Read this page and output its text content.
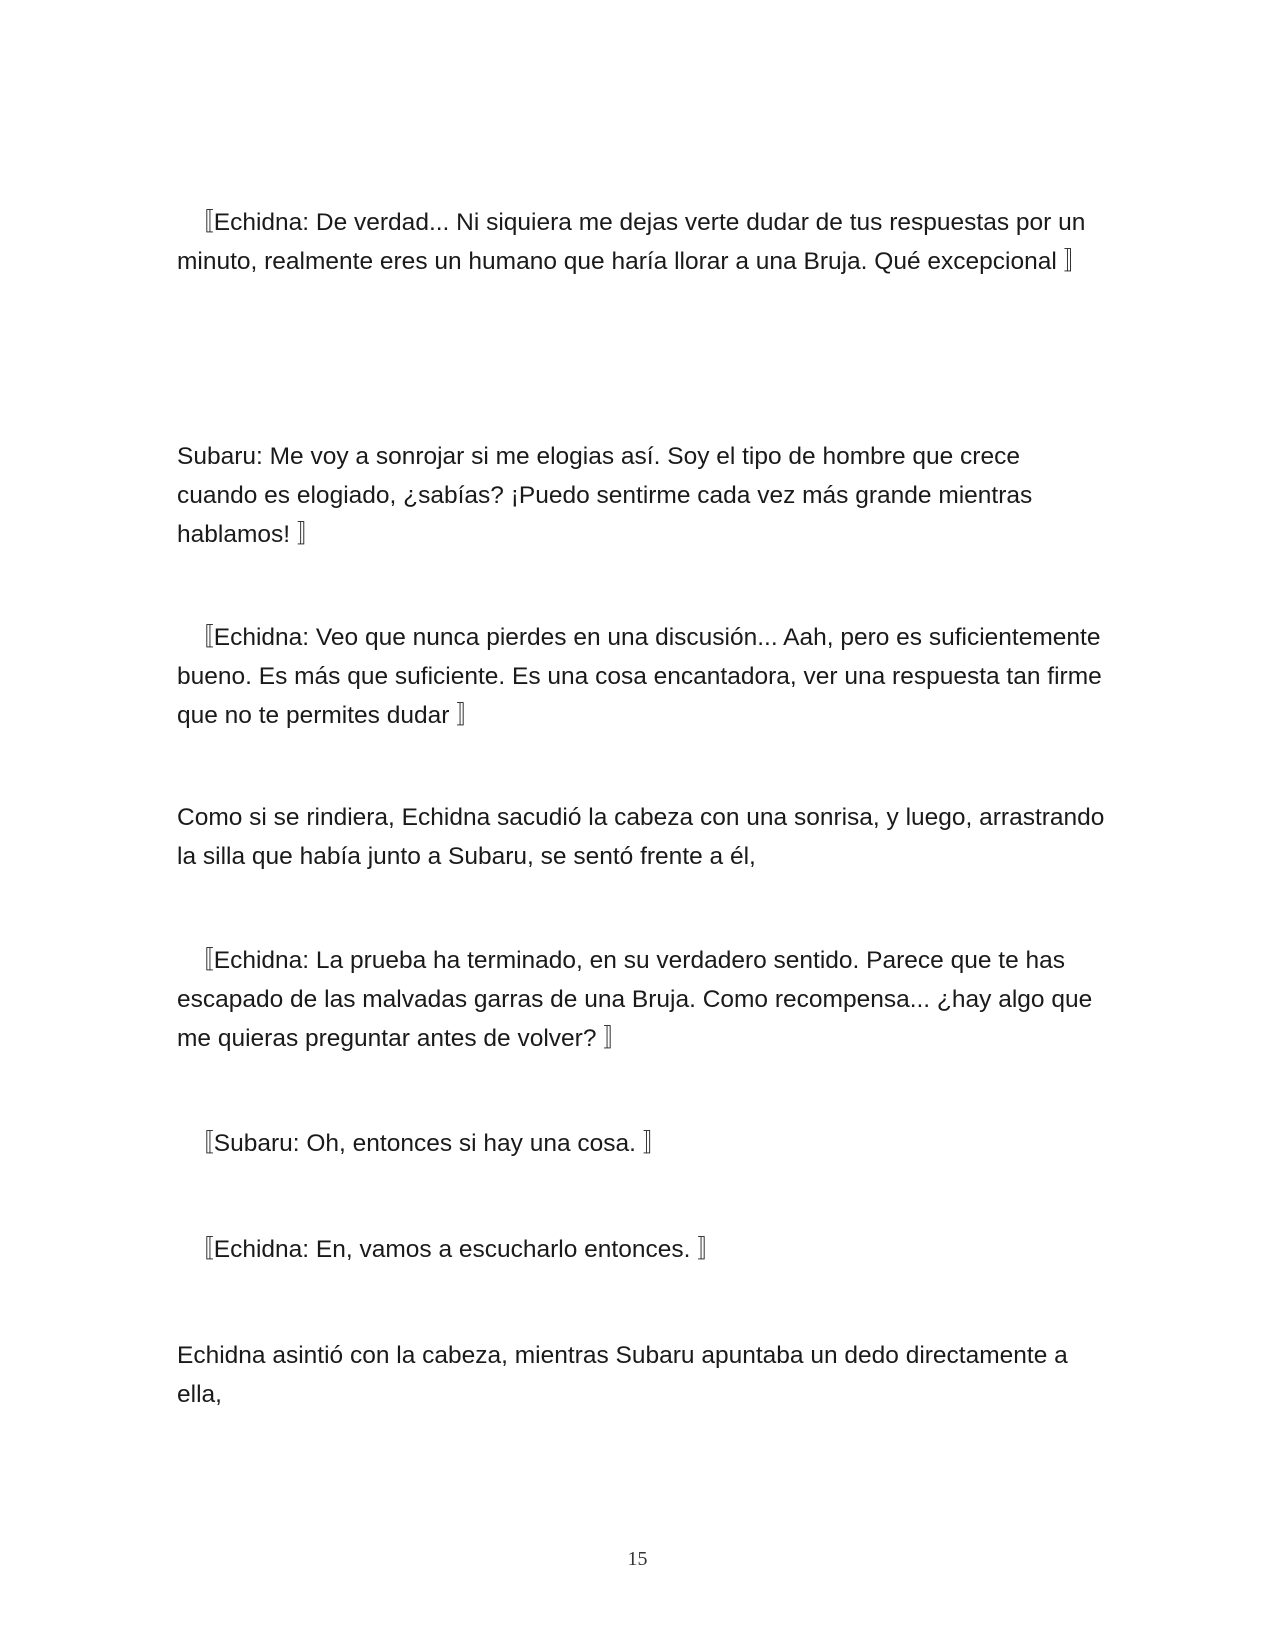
　〚Echidna: De verdad... Ni siquiera me dejas verte dudar de tus respuestas por un minuto, realmente eres un humano que haría llorar a una Bruja. Qué excepcional 〛

Subaru: Me voy a sonrojar si me elogias así. Soy el tipo de hombre que crece cuando es elogiado, ¿sabías? ¡Puedo sentirme cada vez más grande mientras hablamos! 〛

　〚Echidna: Veo que nunca pierdes en una discusión... Aah, pero es suficientemente bueno. Es más que suficiente. Es una cosa encantadora, ver una respuesta tan firme que no te permites dudar 〛

Como si se rindiera, Echidna sacudió la cabeza con una sonrisa, y luego, arrastrando la silla que había junto a Subaru, se sentó frente a él,

　〚Echidna: La prueba ha terminado, en su verdadero sentido. Parece que te has escapado de las malvadas garras de una Bruja. Como recompensa... ¿hay algo que me quieras preguntar antes de volver? 〛

　〚Subaru: Oh, entonces si hay una cosa. 〛

　〚Echidna: En, vamos a escucharlo entonces. 〛

Echidna asintió con la cabeza, mientras Subaru apuntaba un dedo directamente a ella,

15
